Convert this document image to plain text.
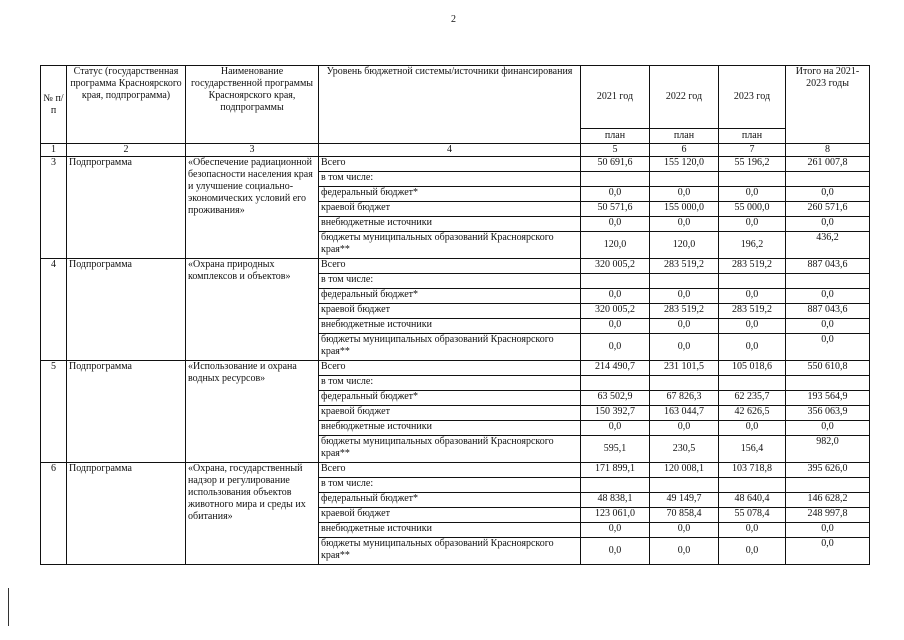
2
№ п/п	Статус (государственная программа Красноярского края, подпрограмма)	Наименование государственной программы Красноярского края, подпрограммы	Уровень бюджетной системы/источники финансирования	2021 год	2022 год	2023 год	Итого на 2021-2023 годы
				план	план	план	
1	2	3	4	5	6	7	8
3	Подпрограмма	«Обеспечение радиационной безопасности населения края и улучшение социально-экономических условий его проживания»	Всего	50 691,6	155 120,0	55 196,2	261 007,8
			в том числе:				
			федеральный бюджет*	0,0	0,0	0,0	0,0
			краевой бюджет	50 571,6	155 000,0	55 000,0	260 571,6
			внебюджетные источники	0,0	0,0	0,0	0,0
			бюджеты муниципальных образований Красноярского края**	120,0	120,0	196,2	436,2
4	Подпрограмма	«Охрана природных комплексов и объектов»	Всего	320 005,2	283 519,2	283 519,2	887 043,6
			в том числе:				
			федеральный бюджет*	0,0	0,0	0,0	0,0
			краевой бюджет	320 005,2	283 519,2	283 519,2	887 043,6
			внебюджетные источники	0,0	0,0	0,0	0,0
			бюджеты муниципальных образований Красноярского края**	0,0	0,0	0,0	0,0
5	Подпрограмма	«Использование и охрана водных ресурсов»	Всего	214 490,7	231 101,5	105 018,6	550 610,8
			в том числе:				
			федеральный бюджет*	63 502,9	67 826,3	62 235,7	193 564,9
			краевой бюджет	150 392,7	163 044,7	42 626,5	356 063,9
			внебюджетные источники	0,0	0,0	0,0	0,0
			бюджеты муниципальных образований Красноярского края**	595,1	230,5	156,4	982,0
6	Подпрограмма	«Охрана, государственный надзор и регулирование использования объектов животного мира и среды их обитания»	Всего	171 899,1	120 008,1	103 718,8	395 626,0
			в том числе:				
			федеральный бюджет*	48 838,1	49 149,7	48 640,4	146 628,2
			краевой бюджет	123 061,0	70 858,4	55 078,4	248 997,8
			внебюджетные источники	0,0	0,0	0,0	0,0
			бюджеты муниципальных образований Красноярского края**	0,0	0,0	0,0	0,0
